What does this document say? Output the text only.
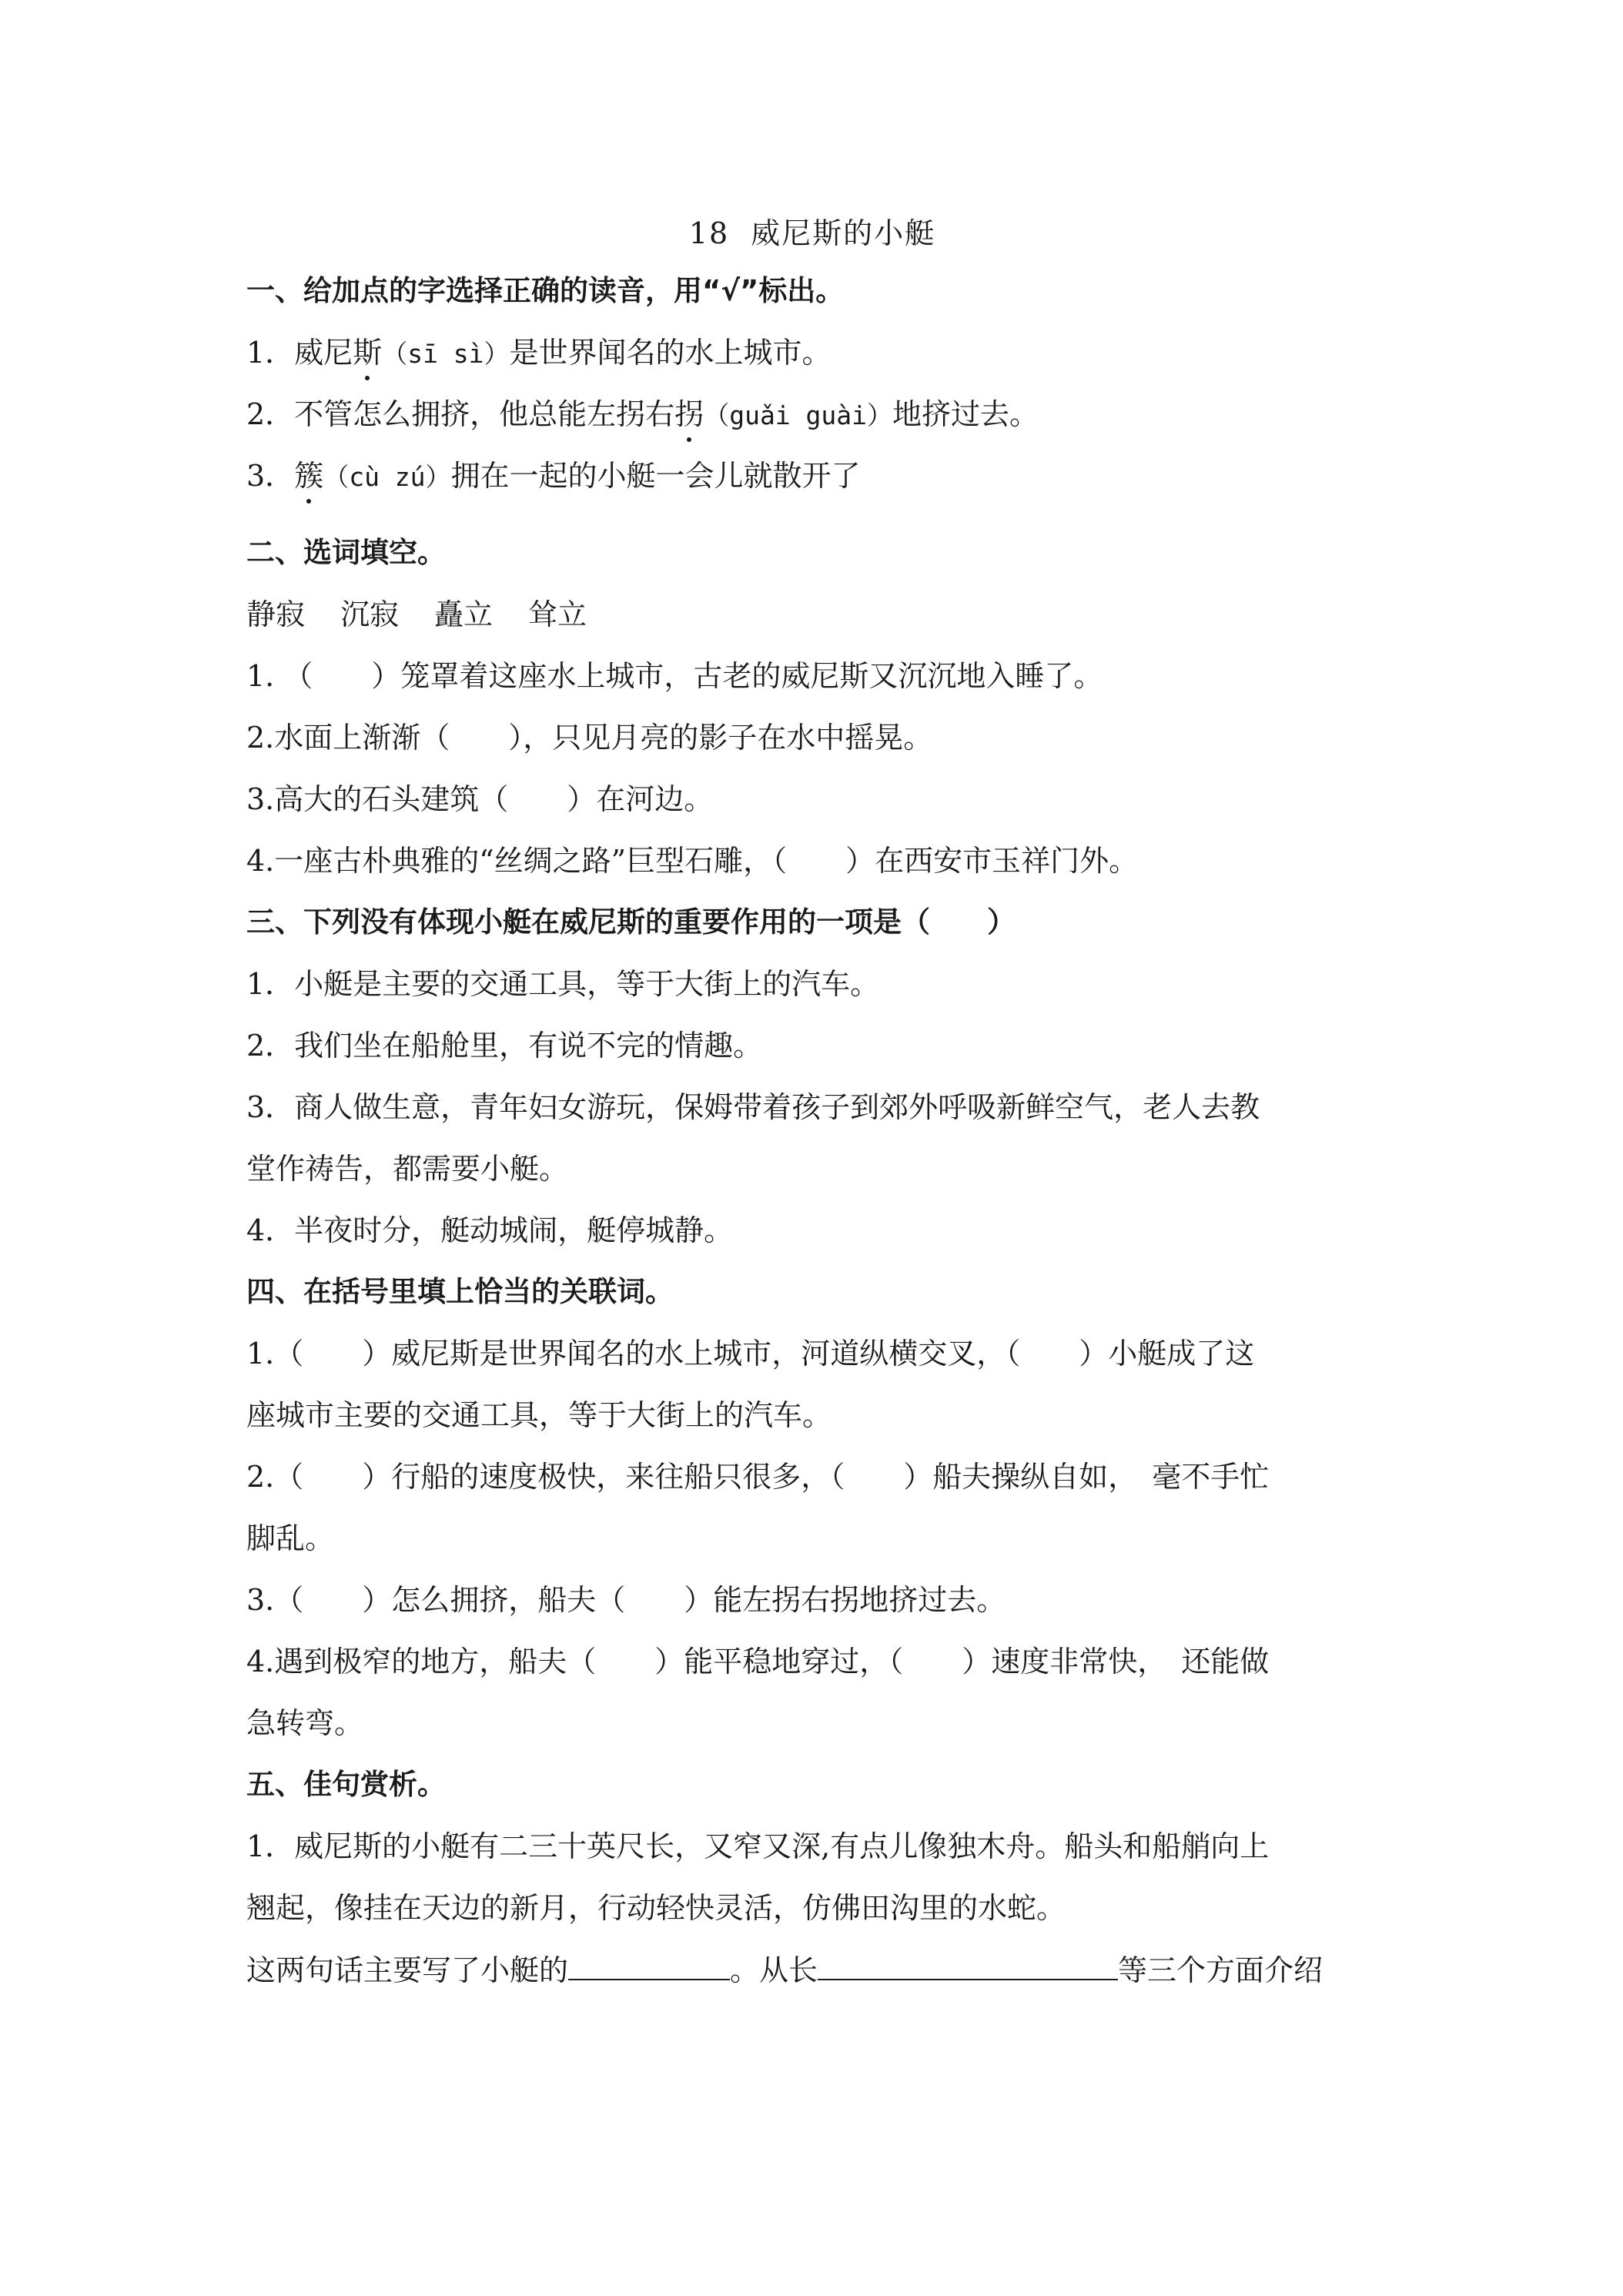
18 威尼斯的小艇
一、给加点的字选择正确的读音，用“√”标出。
1．威尼斯（sī sì）是世界闻名的水上城市。
2．不管怎么拥挤，他总能左拐右拐（guǎi guài）地挤过去。
3．簇（cù zú）拥在一起的小艇一会儿就散开了
二、选词填空。
静寂 沉寂 矗立 耸立
1. （　　）笼罩着这座水上城市，古老的威尼斯又沉沉地入睡了。
2.水面上渐渐（　　），只见月亮的影子在水中摇晃。
3.高大的石头建筑（　　）在河边。
4.一座古朴典雅的“丝绸之路”巨型石雕，（　　）在西安市玉祥门外。
三、下列没有体现小艇在威尼斯的重要作用的一项是（　　）
1．小艇是主要的交通工具，等于大街上的汽车。
2．我们坐在船舱里，有说不完的情趣。
3．商人做生意，青年妇女游玩，保姆带着孩子到郊外呼吸新鲜空气，老人去教
堂作祷告，都需要小艇。
4．半夜时分，艇动城闹，艇停城静。
四、在括号里填上恰当的关联词。
1.（　　）威尼斯是世界闻名的水上城市，河道纵横交叉，（　　）小艇成了这
座城市主要的交通工具，等于大街上的汽车。
2.（　　）行船的速度极快，来往船只很多，（　　）船夫操纵自如，　毫不手忙
脚乱。
3.（　　）怎么拥挤，船夫（　　）能左拐右拐地挤过去。
4.遇到极窄的地方，船夫（　　）能平稳地穿过，（　　）速度非常快，　还能做
急转弯。
五、佳句赏析。
1．威尼斯的小艇有二三十英尺长，又窄又深,有点儿像独木舟。船头和船艄向上
翘起，像挂在天边的新月，行动轻快灵活，仿佛田沟里的水蛇。
这两句话主要写了小艇的	。从长	等三个方面介绍
